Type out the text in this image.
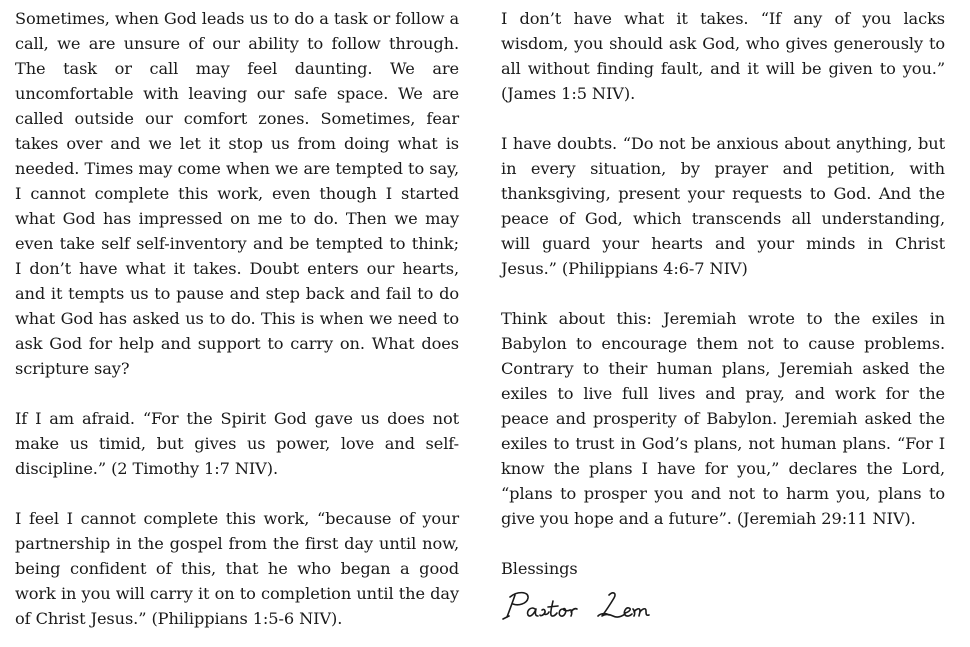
Sometimes, when God leads us to do a task or follow a call, we are unsure of our ability to follow through. The task or call may feel daunting. We are uncomfortable with leaving our safe space. We are called outside our comfort zones. Sometimes, fear takes over and we let it stop us from doing what is needed. Times may come when we are tempted to say, I cannot complete this work, even though I started what God has impressed on me to do. Then we may even take self self-inventory and be tempted to think; I don’t have what it takes. Doubt enters our hearts, and it tempts us to pause and step back and fail to do what God has asked us to do. This is when we need to ask God for help and support to carry on. What does scripture say?

If I am afraid. “For the Spirit God gave us does not make us timid, but gives us power, love and self-discipline.” (2 Timothy 1:7 NIV).

I feel I cannot complete this work, “because of your partnership in the gospel from the first day until now, being confident of this, that he who began a good work in you will carry it on to completion until the day of Christ Jesus.” (Philippians 1:5-6 NIV).

I don’t have what it takes. “If any of you lacks wisdom, you should ask God, who gives generously to all without finding fault, and it will be given to you.” (James 1:5 NIV).

I have doubts. “Do not be anxious about anything, but in every situation, by prayer and petition, with thanksgiving, present your requests to God. And the peace of God, which transcends all understanding, will guard your hearts and your minds in Christ Jesus.” (Philippians 4:6-7 NIV)

Think about this: Jeremiah wrote to the exiles in Babylon to encourage them not to cause problems. Contrary to their human plans, Jeremiah asked the exiles to live full lives and pray, and work for the peace and prosperity of Babylon. Jeremiah asked the exiles to trust in God’s plans, not human plans. “For I know the plans I have for you,” declares the Lord, “plans to prosper you and not to harm you, plans to give you hope and a future”. (Jeremiah 29:11 NIV).

Blessings
